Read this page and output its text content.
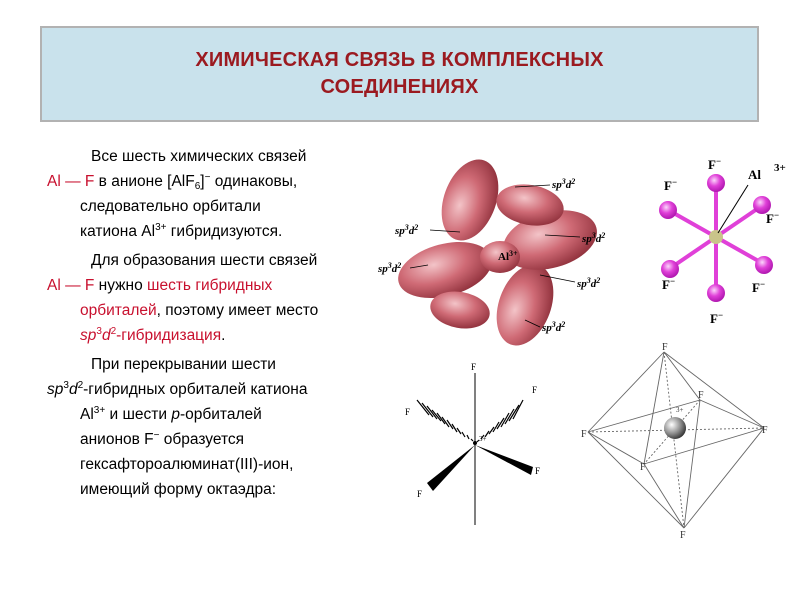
ХИМИЧЕСКАЯ СВЯЗЬ В КОМПЛЕКСНЫХ
СОЕДИНЕНИЯХ
Все шесть химических связей
Al — F в анионе [AlF$_6$]− одинаковы,
следовательно орбитали
катиона $Al^{3+}$ гибридизуются.
Для образования шести связей
Al — F нужно шесть гибридных
орбиталей, поэтому имеет место
$sp^3d^2$-гибридизация.
При перекрывании шести
$sp^3d^2$-гибридных орбиталей катиона
$Al^{3+}$ и шести p-орбиталей
анионов F− образуется
гексафтороалюминат(III)-ион,
имеющий форму октаэдра:
$sp^3d^2$
$sp^3d^2$
$sp^3d^2$
$sp^3d^2$
$sp^3d^2$
$sp^3d^2$
$Al^{3+}$
F−
F−
F−
F−	F−
F−
Al 3+
F
F
F
F
F
3+
F
F	F
F
F
F
3+
